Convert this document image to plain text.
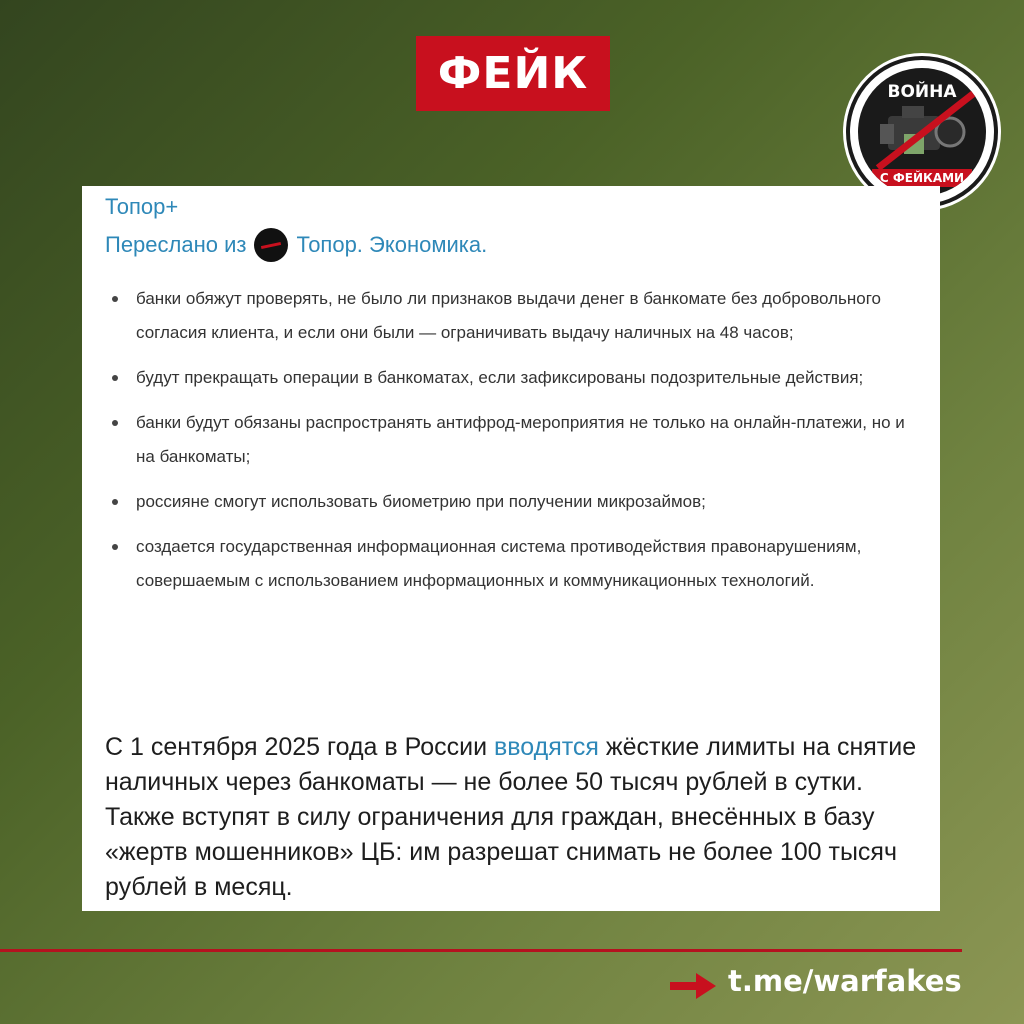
ФЕЙК	ВОЙНА
С ФЕЙКАМИ
Топор+
Переслано из Топор. Экономика.
банки обяжут проверять, не было ли признаков выдачи денег в банкомате без добровольного согласия клиента, и если они были — ограничивать выдачу наличных на 48 часов;
будут прекращать операции в банкоматах, если зафиксированы подозрительные действия;
банки будут обязаны распространять антифрод-мероприятия не только на онлайн-платежи, но и на банкоматы;
россияне смогут использовать биометрию при получении микрозаймов;
создается государственная информационная система противодействия правонарушениям, совершаемым с использованием информационных и коммуникационных технологий.
С 1 сентября 2025 года в России вводятся жёсткие лимиты на снятие наличных через банкоматы — не более 50 тысяч рублей в сутки. Также вступят в силу ограничения для граждан, внесённых в базу «жертв мошенников» ЦБ: им разрешат снимать не более 100 тысяч рублей в месяц.
t.me/warfakes
